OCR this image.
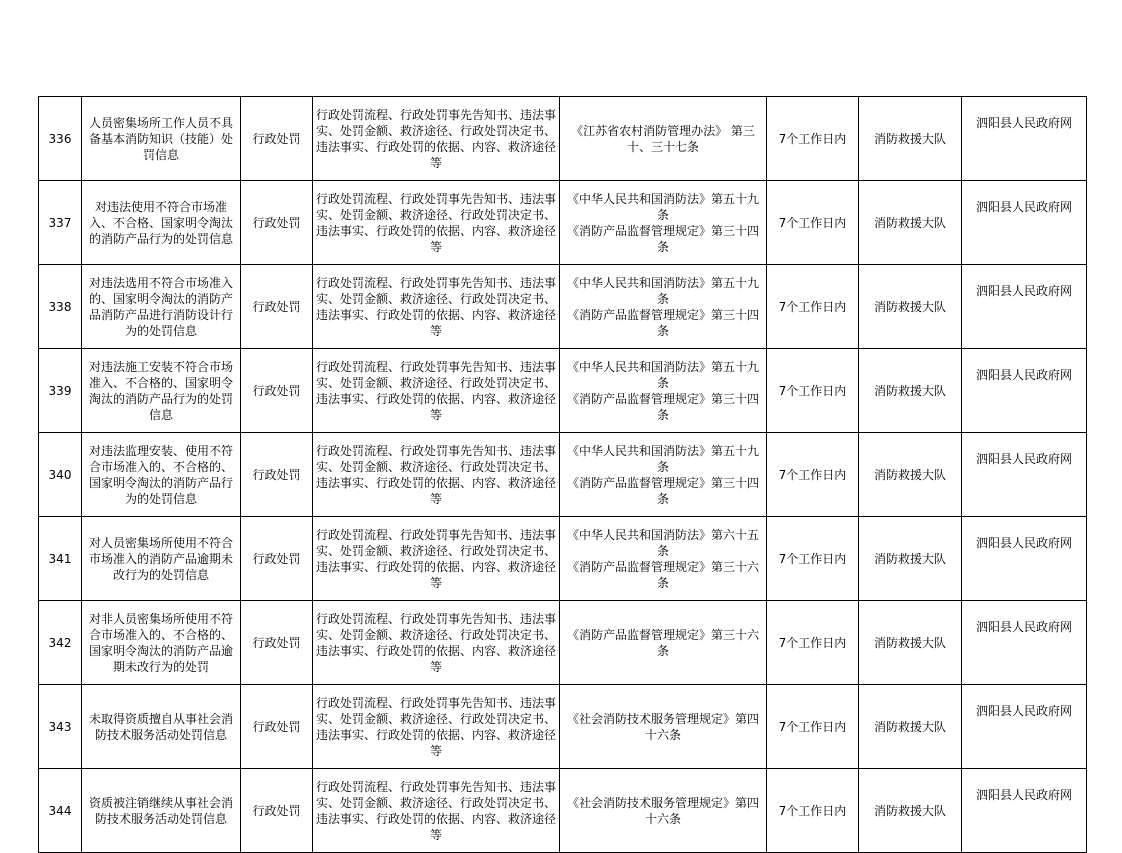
336	人员密集场所工作人员不具备基本消防知识（技能）处罚信息	行政处罚	行政处罚流程、行政处罚事先告知书、违法事实、处罚金额、救济途径、行政处罚决定书、违法事实、行政处罚的依据、内容、救济途径等	《江苏省农村消防管理办法》 第三十、三十七条	7个工作日内	消防救援大队	泗阳县人民政府网

337	对违法使用不符合市场准入、不合格、国家明令淘汰的消防产品行为的处罚信息	行政处罚	行政处罚流程、行政处罚事先告知书、违法事实、处罚金额、救济途径、行政处罚决定书、违法事实、行政处罚的依据、内容、救济途径等	《中华人民共和国消防法》第五十九条
《消防产品监督管理规定》第三十四条	7个工作日内	消防救援大队	泗阳县人民政府网

338	对违法选用不符合市场准入的、国家明令淘汰的消防产品消防产品进行消防设计行为的处罚信息	行政处罚	行政处罚流程、行政处罚事先告知书、违法事实、处罚金额、救济途径、行政处罚决定书、违法事实、行政处罚的依据、内容、救济途径等	《中华人民共和国消防法》第五十九条
《消防产品监督管理规定》第三十四条	7个工作日内	消防救援大队	泗阳县人民政府网

339	对违法施工安装不符合市场准入、不合格的、国家明令淘汰的消防产品行为的处罚信息	行政处罚	行政处罚流程、行政处罚事先告知书、违法事实、处罚金额、救济途径、行政处罚决定书、违法事实、行政处罚的依据、内容、救济途径等	《中华人民共和国消防法》第五十九条
《消防产品监督管理规定》第三十四条	7个工作日内	消防救援大队	泗阳县人民政府网

340	对违法监理安装、使用不符合市场准入的、不合格的、国家明令淘汰的消防产品行为的处罚信息	行政处罚	行政处罚流程、行政处罚事先告知书、违法事实、处罚金额、救济途径、行政处罚决定书、违法事实、行政处罚的依据、内容、救济途径等	《中华人民共和国消防法》第五十九条
《消防产品监督管理规定》第三十四条	7个工作日内	消防救援大队	泗阳县人民政府网

341	对人员密集场所使用不符合市场准入的消防产品逾期未改行为的处罚信息	行政处罚	行政处罚流程、行政处罚事先告知书、违法事实、处罚金额、救济途径、行政处罚决定书、违法事实、行政处罚的依据、内容、救济途径等	《中华人民共和国消防法》第六十五条
《消防产品监督管理规定》第三十六条	7个工作日内	消防救援大队	泗阳县人民政府网

342	对非人员密集场所使用不符合市场准入的、不合格的、国家明令淘汰的消防产品逾期未改行为的处罚	行政处罚	行政处罚流程、行政处罚事先告知书、违法事实、处罚金额、救济途径、行政处罚决定书、违法事实、行政处罚的依据、内容、救济途径等	《消防产品监督管理规定》第三十六条	7个工作日内	消防救援大队	泗阳县人民政府网

343	未取得资质擅自从事社会消防技术服务活动处罚信息	行政处罚	行政处罚流程、行政处罚事先告知书、违法事实、处罚金额、救济途径、行政处罚决定书、违法事实、行政处罚的依据、内容、救济途径等	《社会消防技术服务管理规定》第四十六条	7个工作日内	消防救援大队	泗阳县人民政府网

344	资质被注销继续从事社会消防技术服务活动处罚信息	行政处罚	行政处罚流程、行政处罚事先告知书、违法事实、处罚金额、救济途径、行政处罚决定书、违法事实、行政处罚的依据、内容、救济途径等	《社会消防技术服务管理规定》第四十六条	7个工作日内	消防救援大队	泗阳县人民政府网
